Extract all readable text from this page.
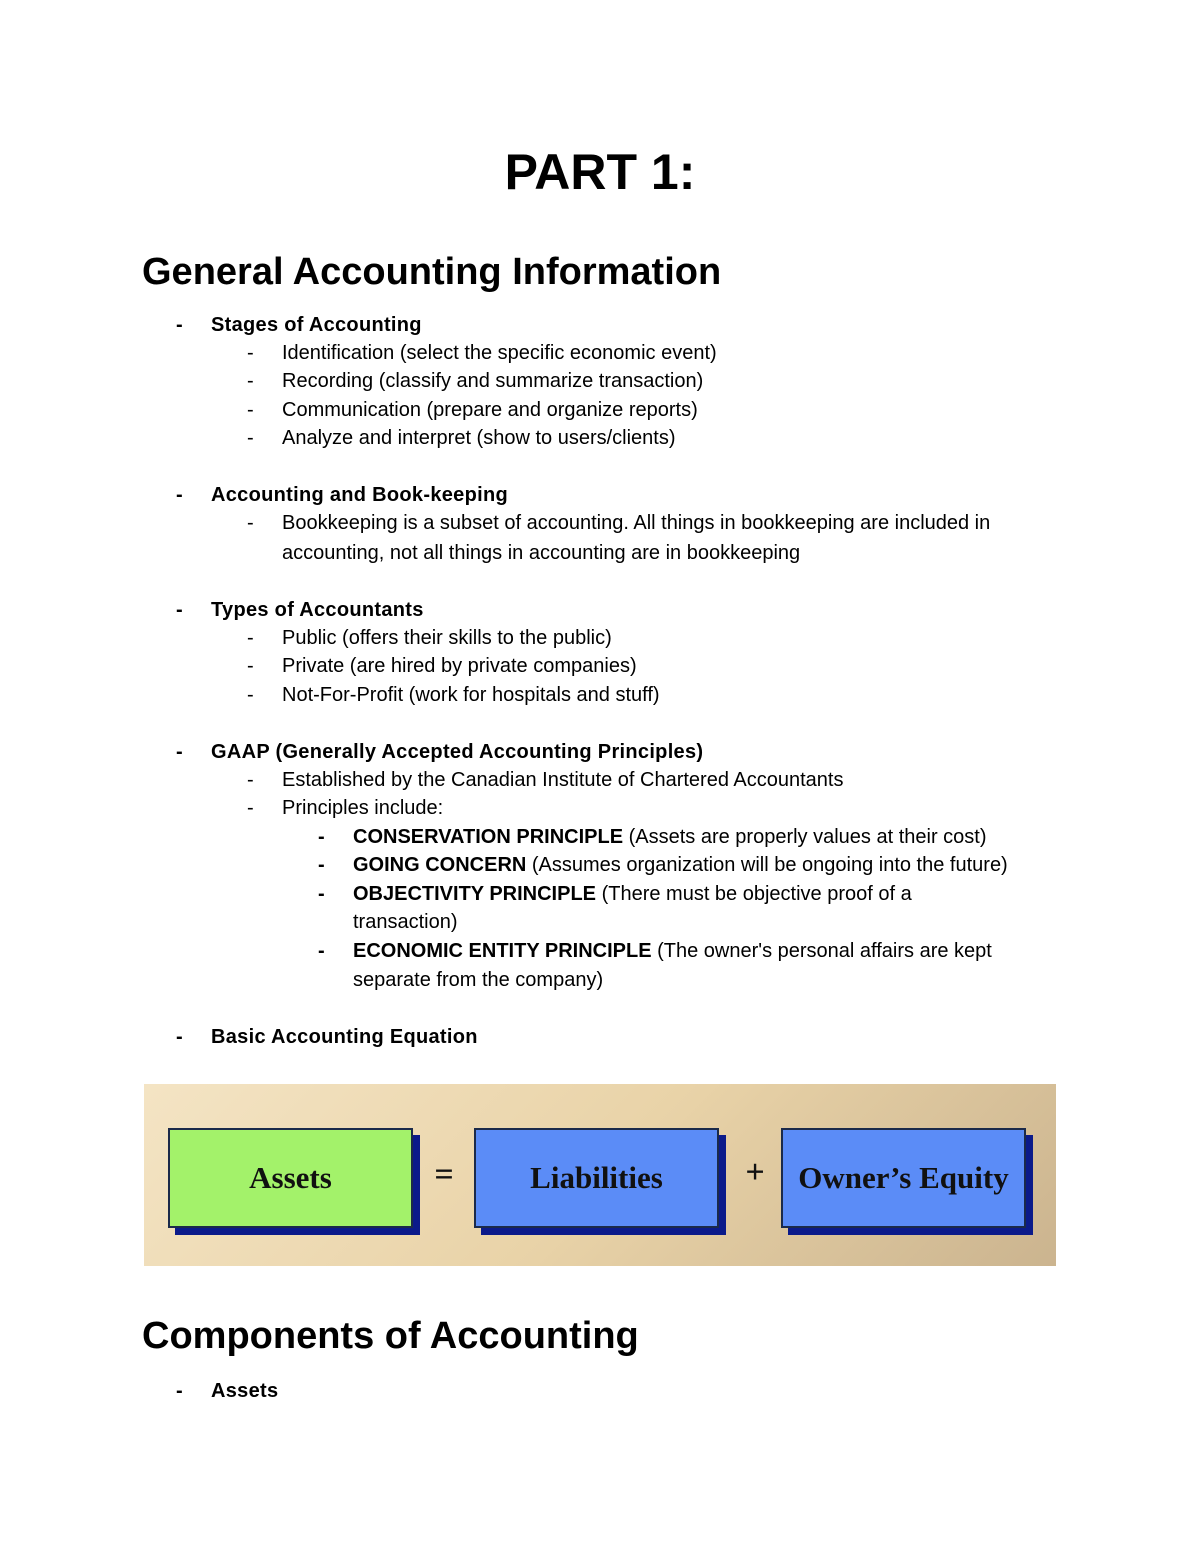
PART 1:
General Accounting Information
- Stages of Accounting
- Identification (select the specific economic event)
- Recording (classify and summarize transaction)
- Communication (prepare and organize reports)
- Analyze and interpret (show to users/clients)
- Accounting and Book-keeping
- Bookkeeping is a subset of accounting. All things in bookkeeping are included in
accounting, not all things in accounting are in bookkeeping
- Types of Accountants
- Public (offers their skills to the public)
- Private (are hired by private companies)
- Not-For-Profit (work for hospitals and stuff)
- GAAP (Generally Accepted Accounting Principles)
- Established by the Canadian Institute of Chartered Accountants
- Principles include:
- CONSERVATION PRINCIPLE (Assets are properly values at their cost)
- GOING CONCERN (Assumes organization will be ongoing into the future)
- OBJECTIVITY PRINCIPLE (There must be objective proof of a
transaction)
- ECONOMIC ENTITY PRINCIPLE (The owner's personal affairs are kept
separate from the company)
- Basic Accounting Equation
Assets	=	Liabilities	+	Owner’s Equity
Components of Accounting
- Assets
